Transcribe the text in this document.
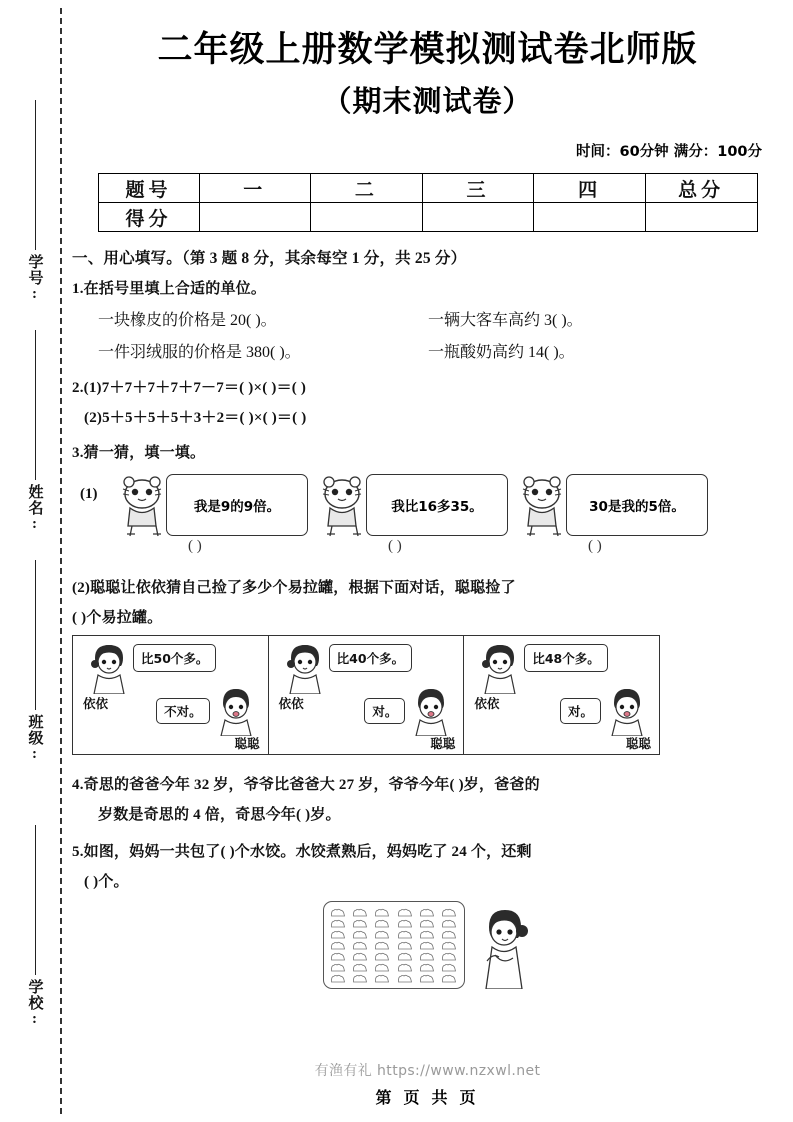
学号:
姓名:
班级:
学校:
二年级上册数学模拟测试卷北师版
（期末测试卷）
时间：60分钟 满分：100分
题号	一	二	三	四	总分
得分					
一、用心填写。（第 3 题 8 分，其余每空 1 分，共 25 分）
1.在括号里填上合适的单位。
一块橡皮的价格是 20( )。	一辆大客车高约 3( )。
一件羽绒服的价格是 380( )。	一瓶酸奶高约 14( )。
2.(1)7＋7＋7＋7＋7－7＝( )×( )＝( )
(2)5＋5＋5＋5＋3＋2＝( )×( )＝( )
3.猜一猜，填一填。
(1)
我是9的9倍。
( )
我比16多35。
( )
30是我的5倍。
( )
(2)聪聪让依依猜自己捡了多少个易拉罐，根据下面对话，聪聪捡了
( )个易拉罐。
比50个多。
依依
不对。
聪聪
比40个多。
依依
对。
聪聪
比48个多。
依依
对。
聪聪
4.奇思的爸爸今年 32 岁，爷爷比爸爸大 27 岁，爷爷今年( )岁，爸爸的
岁数是奇思的 4 倍，奇思今年( )岁。
5.如图，妈妈一共包了( )个水饺。水饺煮熟后，妈妈吃了 24 个，还剩
( )个。
有渔有礼 https://www.nzxwl.net
第 页 共 页
